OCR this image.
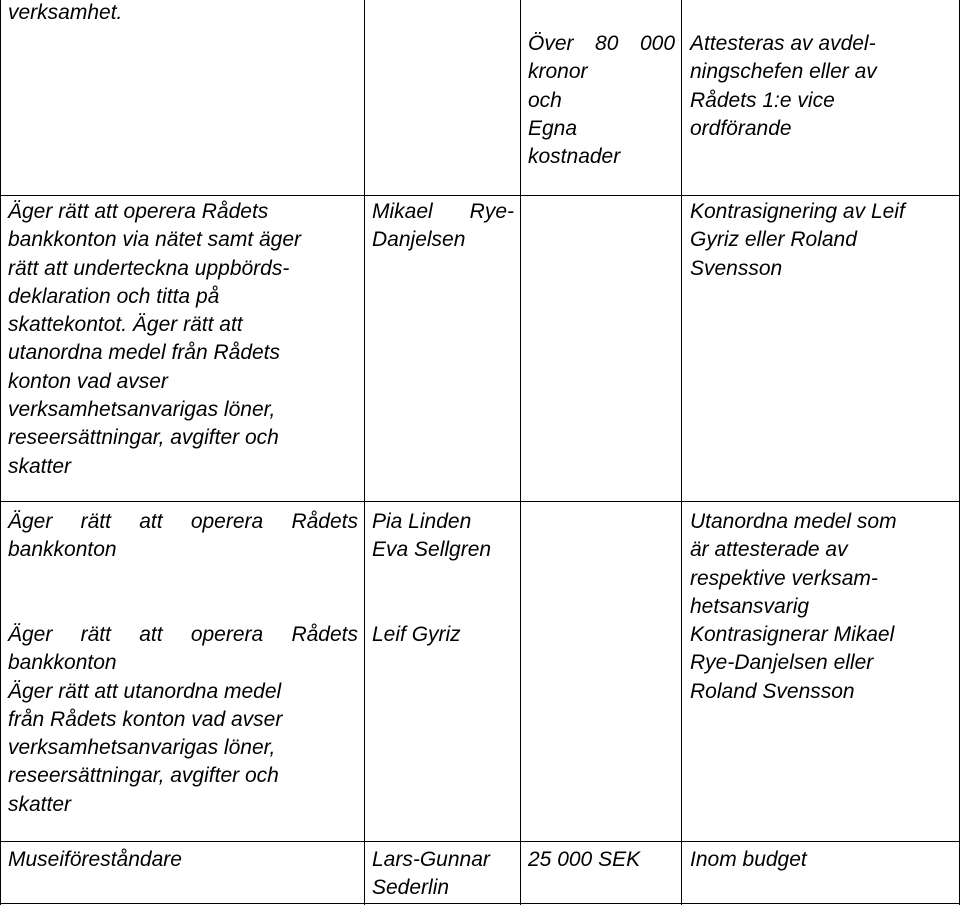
verksamhet.
Över 80 000
kronor
och
Egna
kostnader
Attesteras av avdel-
ningschefen eller av
Rådets 1:e vice
ordförande
Äger rätt att operera Rådets
bankkonton via nätet samt äger
rätt att underteckna uppbörds-
deklaration och titta på
skattekontot. Äger rätt att
utanordna medel från Rådets
konton vad avser
verksamhetsanvarigas löner,
reseersättningar, avgifter och
skatter
Mikael Rye-
Danjelsen
Kontrasignering av Leif
Gyriz eller Roland
Svensson
Äger rätt att operera Rådets
bankkonton
Pia Linden
Eva Sellgren
Utanordna medel som
är attesterade av
respektive verksam-
hetsansvarig
Äger rätt att operera Rådets
bankkonton
Äger rätt att utanordna medel
från Rådets konton vad avser
verksamhetsanvarigas löner,
reseersättningar, avgifter och
skatter
Leif Gyriz	Kontrasignerar Mikael
Rye-Danjelsen eller
Roland Svensson
Museiföreståndare	Lars-Gunnar
Sederlin
25 000 SEK Inom budget
